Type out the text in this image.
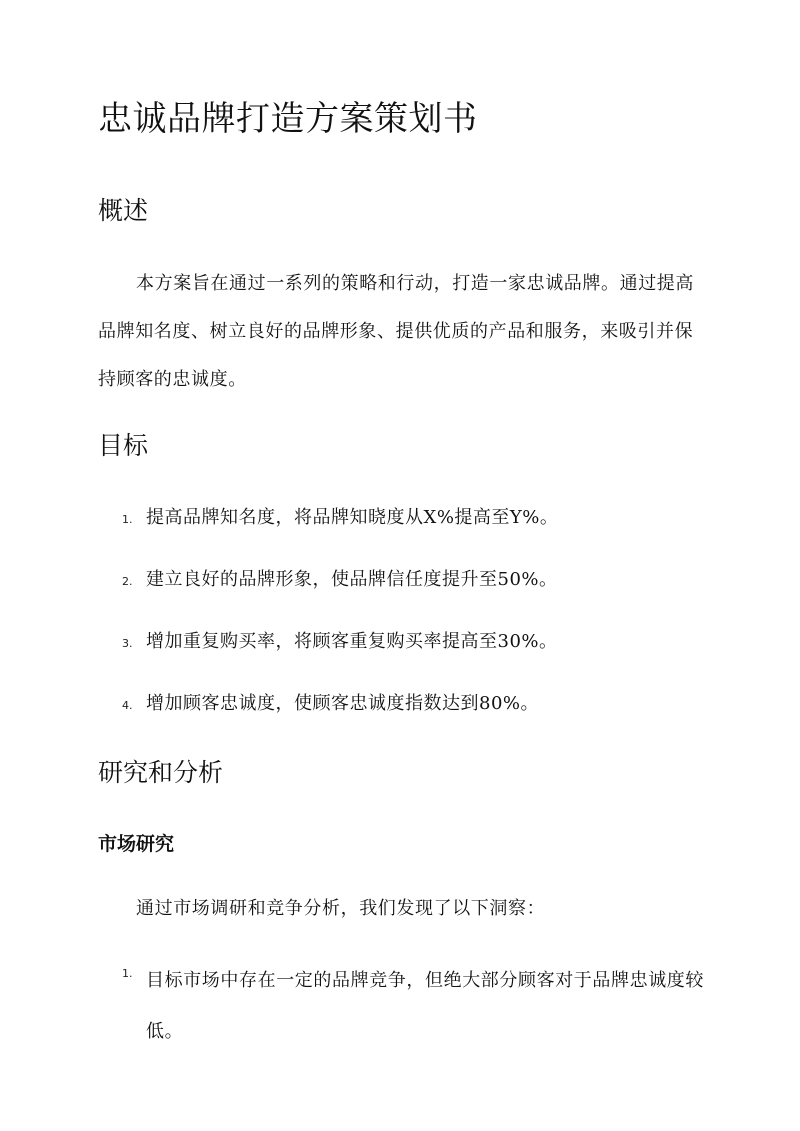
忠诚品牌打造方案策划书
概述

本方案旨在通过一系列的策略和行动，打造一家忠诚品牌。通过提高品牌知名度、树立良好的品牌形象、提供优质的产品和服务，来吸引并保持顾客的忠诚度。

目标
1. 提高品牌知名度，将品牌知晓度从X%提高至Y%。
2. 建立良好的品牌形象，使品牌信任度提升至50%。
3. 增加重复购买率，将顾客重复购买率提高至30%。
4. 增加顾客忠诚度，使顾客忠诚度指数达到80%。
研究和分析
市场研究

通过市场调研和竞争分析，我们发现了以下洞察：

1. 目标市场中存在一定的品牌竞争，但绝大部分顾客对于品牌忠诚度较低。
